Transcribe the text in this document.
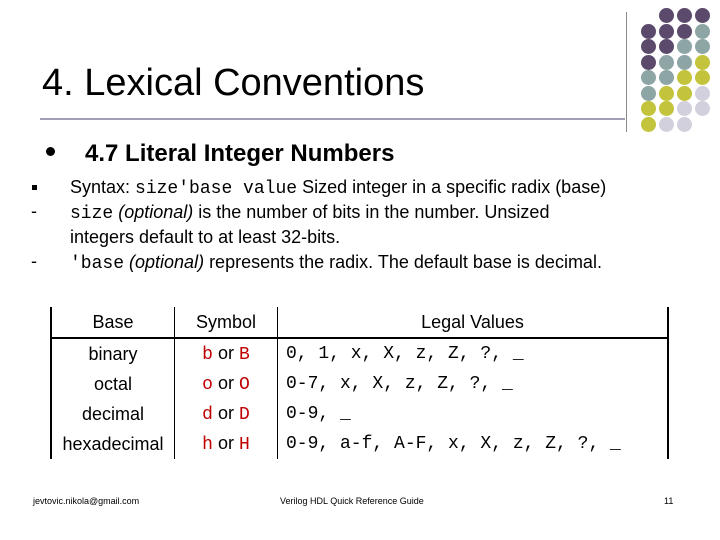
4. Lexical Conventions
4.7 Literal Integer Numbers
Syntax: size'base value Sized integer in a specific radix (base)
- size (optional) is the number of bits in the number. Unsized
integers default to at least 32-bits.
- 'base (optional) represents the radix. The default base is decimal.
Base	Symbol	Legal Values
binary	b or B	0, 1, x, X, z, Z, ?, _
octal	o or O	0-7, x, X, z, Z, ?, _
decimal	d or D	0-9, _
hexadecimal	h or H	0-9, a-f, A-F, x, X, z, Z, ?, _
jevtovic.nikola@gmail.com	Verilog HDL Quick Reference Guide	11
